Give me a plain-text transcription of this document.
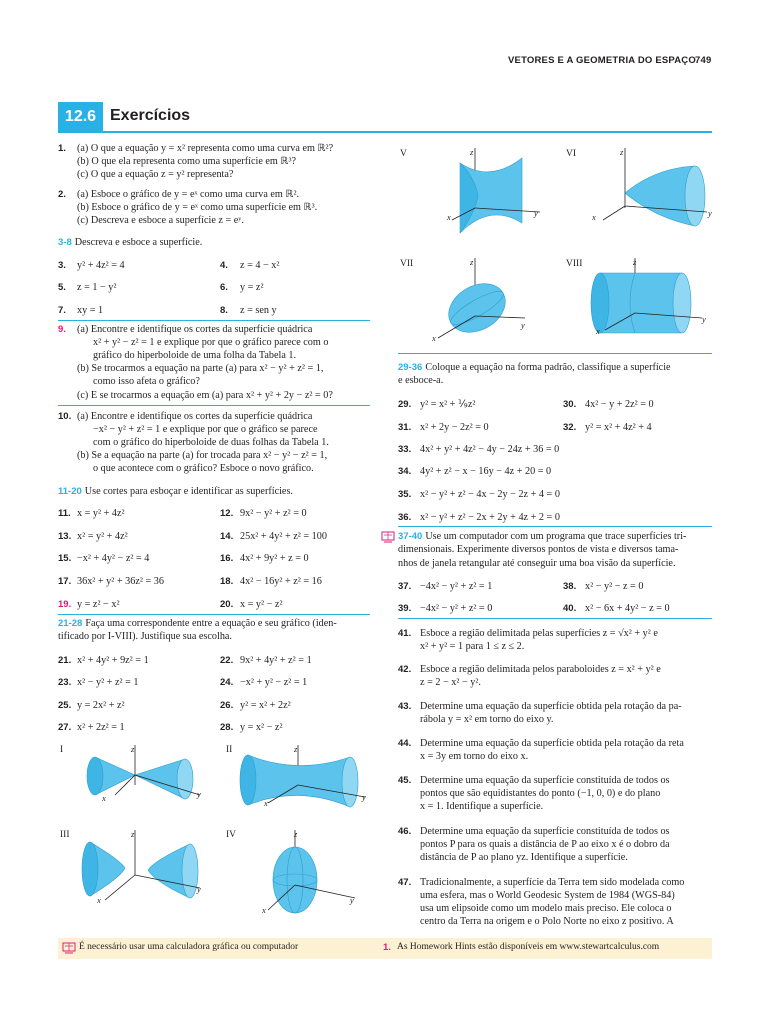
VETORES E A GEOMETRIA DO ESPAÇO 749
12.6 Exercícios
1. (a) O que a equação y = x² representa como uma curva em ℝ²?
(b) O que ela representa como uma superfície em ℝ³?
(c) O que a equação z = y² representa?
2. (a) Esboce o gráfico de y = eˣ como uma curva em ℝ².
(b) Esboce o gráfico de y = eˣ como uma superfície em ℝ³.
(c) Descreva e esboce a superfície z = eʸ.
3-8 Descreva e esboce a superfície.
3. y² + 4z² = 4	4. z = 4 − x²
5. z = 1 − y²	6. y = z²
7. xy = 1	8. z = sen y
9. (a) Encontre e identifique os cortes da superfície quádrica
x² + y² − z² = 1 e explique por que o gráfico parece com o
gráfico do hiperboloide de uma folha da Tabela 1.
(b) Se trocarmos a equação na parte (a) para x² − y² + z² = 1,
como isso afeta o gráfico?
(c) E se trocarmos a equação em (a) para x² + y² + 2y − z² = 0?
10. (a) Encontre e identifique os cortes da superfície quádrica
−x² − y² + z² = 1 e explique por que o gráfico se parece
com o gráfico do hiperboloide de duas folhas da Tabela 1.
(b) Se a equação na parte (a) for trocada para x² − y² − z² = 1,
o que acontece com o gráfico? Esboce o novo gráfico.
11-20 Use cortes para esboçar e identificar as superfícies.
11. x = y² + 4z²	12. 9x² − y² + z² = 0
13. x² = y² + 4z²	14. 25x² + 4y² + z² = 100
15. −x² + 4y² − z² = 4	16. 4x² + 9y² + z = 0
17. 36x² + y² + 36z² = 36	18. 4x² − 16y² + z² = 16
19. y = z² − x²	20. x = y² − z²
21-28 Faça uma correspondente entre a equação e seu gráfico (iden-
tificado por I-VIII). Justifique sua escolha.
21. x² + 4y² + 9z² = 1	22. 9x² + 4y² + z² = 1
23. x² − y² + z² = 1	24. −x² + y² − z² = 1
25. y = 2x² + z²	26. y² = x² + 2z²
27. x² + 2z² = 1	28. y = x² − z²
I	II
III	IV
z
x	y
z
x
y
z
x
y
z
x
y
V	VI
VII	VIII
z
x	y
z
x	y
z
x
y
z
x
y
29-36 Coloque a equação na forma padrão, classifique a superfície
e esboce-a.
29. y² = x² + ⅑z²	30. 4x² − y + 2z² = 0
31. x² + 2y − 2z² = 0	32. y² = x² + 4z² + 4
33. 4x² + y² + 4z² − 4y − 24z + 36 = 0
34. 4y² + z² − x − 16y − 4z + 20 = 0
35. x² − y² + z² − 4x − 2y − 2z + 4 = 0
36. x² − y² + z² − 2x + 2y + 4z + 2 = 0
37-40 Use um computador com um programa que trace superfícies tri-
dimensionais. Experimente diversos pontos de vista e diversos tama-
nhos de janela retangular até conseguir uma boa visão da superfície.
37. −4x² − y² + z² = 1	38. x² − y² − z = 0
39. −4x² − y² + z² = 0	40. x² − 6x + 4y² − z = 0
41. Esboce a região delimitada pelas superfícies z = √x² + y² e
x² + y² = 1 para 1 ≤ z ≤ 2.
42. Esboce a região delimitada pelos paraboloides z = x² + y² e
z = 2 − x² − y².
43. Determine uma equação da superfície obtida pela rotação da pa-
rábola y = x² em torno do eixo y.
44. Determine uma equação da superfície obtida pela rotação da reta
x = 3y em torno do eixo x.
45. Determine uma equação da superfície constituída de todos os
pontos que são equidistantes do ponto (−1, 0, 0) e do plano
x = 1. Identifique a superfície.
46. Determine uma equação da superfície constituída de todos os
pontos P para os quais a distância de P ao eixo x é o dobro da
distância de P ao plano yz. Identifique a superfície.
47. Tradicionalmente, a superfície da Terra tem sido modelada como
uma esfera, mas o World Geodesic System de 1984 (WGS-84)
usa um elipsoide como um modelo mais preciso. Ele coloca o
centro da Terra na origem e o Polo Norte no eixo z positivo. A
É necessário usar uma calculadora gráfica ou computador	1. As Homework Hints estão disponíveis em www.stewartcalculus.com
